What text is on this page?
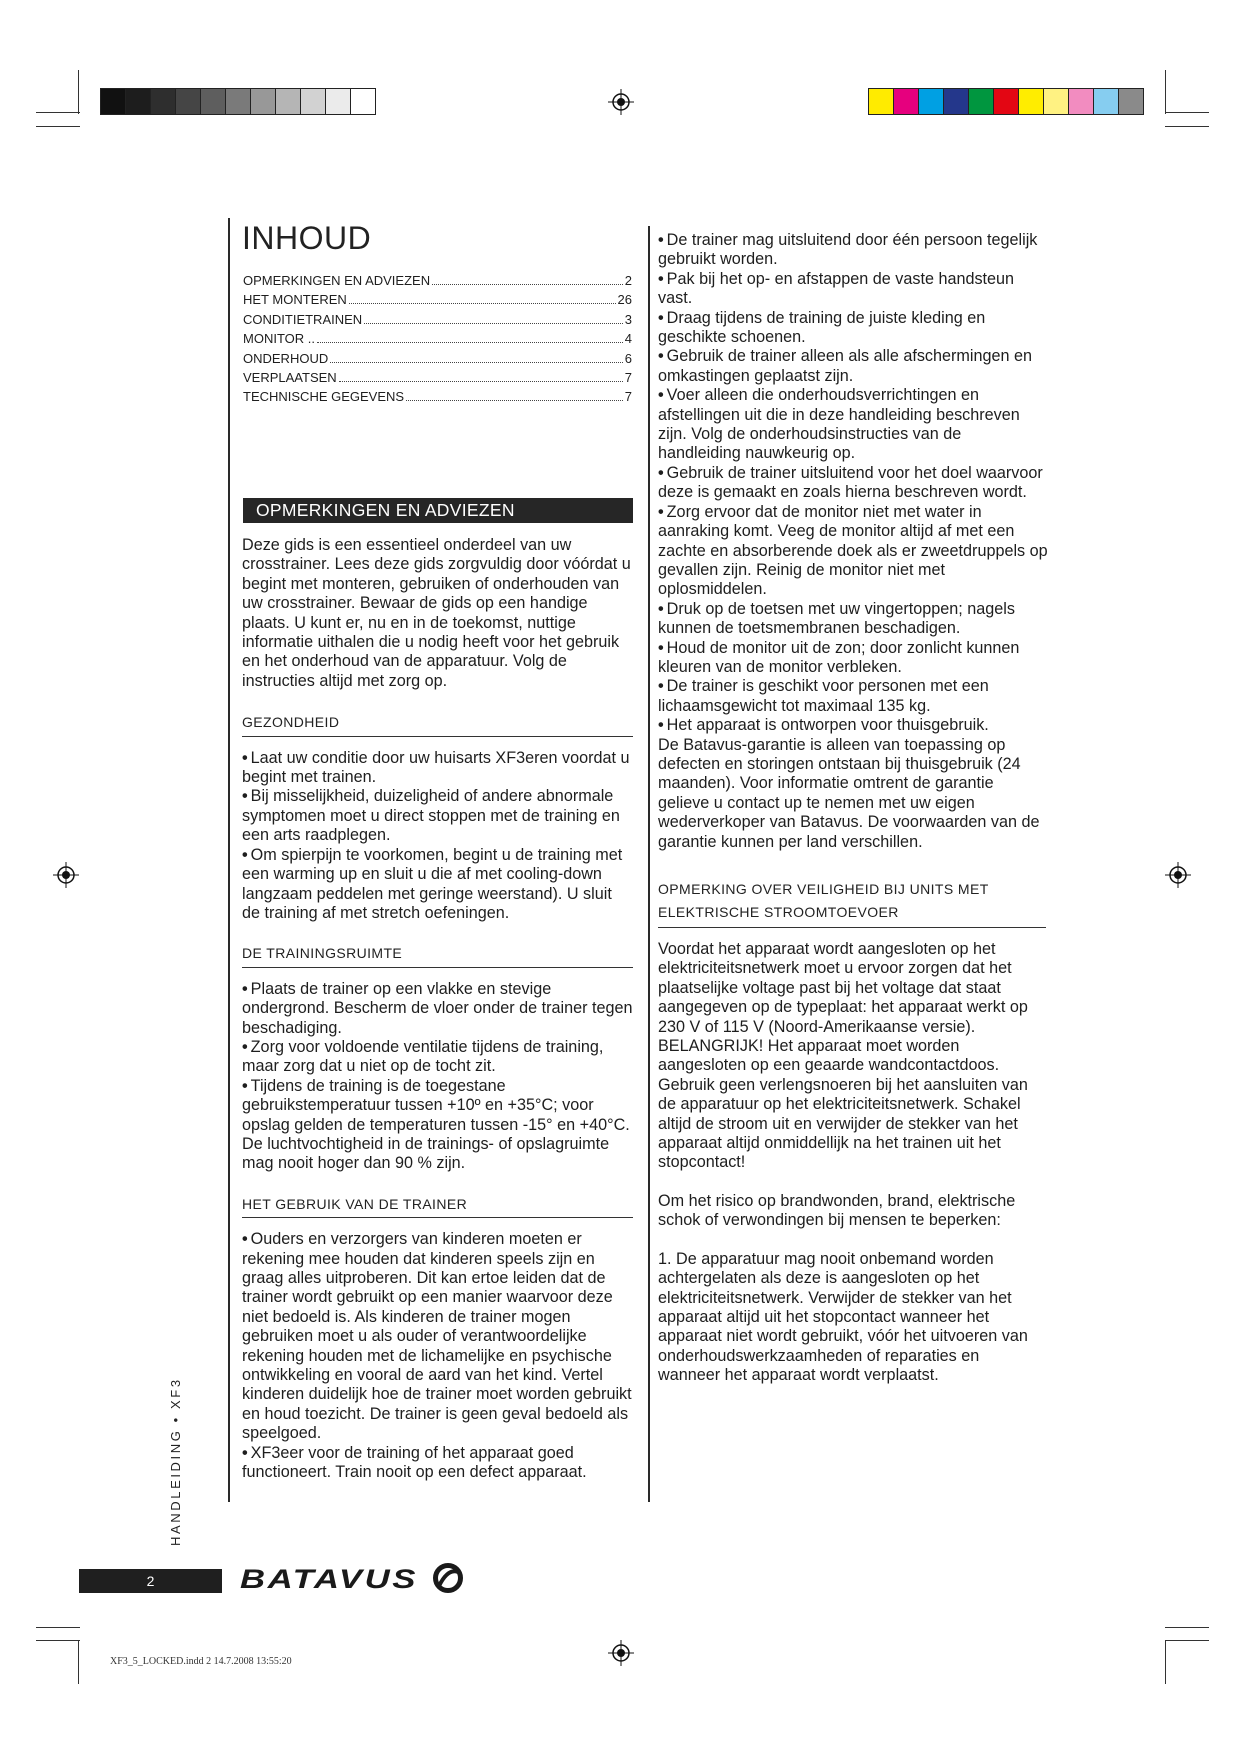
INHOUD
OPMERKINGEN EN ADVIEZEN	2
HET MONTEREN	26
CONDITIETRAINEN	3
MONITOR ..	4
ONDERHOUD	6
VERPLAATSEN	7
TECHNISCHE GEGEVENS	7
OPMERKINGEN EN ADVIEZEN

Deze gids is een essentieel onderdeel van uw crosstrainer. Lees deze gids zorgvuldig door vóórdat u begint met monteren, gebruiken of onderhouden van uw crosstrainer. Bewaar de gids op een handige plaats. U kunt er, nu en in de toekomst, nuttige informatie uithalen die u nodig heeft voor het gebruik en het onderhoud van de apparatuur. Volg de instructies altijd met zorg op.

GEZONDHEID

• Laat uw conditie door uw huisarts XF3eren voordat u begint met trainen.

• Bij misselijkheid, duizeligheid of andere abnormale symptomen moet u direct stoppen met de training en een arts raadplegen.

• Om spierpijn te voorkomen, begint u de training met een warming up en sluit u die af met cooling-down langzaam peddelen met geringe weerstand). U sluit de training af met stretch oefeningen.

DE TRAININGSRUIMTE

• Plaats de trainer op een vlakke en stevige ondergrond. Bescherm de vloer onder de trainer tegen beschadiging.

• Zorg voor voldoende ventilatie tijdens de training, maar zorg dat u niet op de tocht zit.

• Tijdens de training is de toegestane gebruikstemperatuur tussen +10º en +35°C; voor opslag gelden de temperaturen tussen -15° en +40°C. De luchtvochtigheid in de trainings- of opslagruimte mag nooit hoger dan 90 % zijn.

HET GEBRUIK VAN DE TRAINER

• Ouders en verzorgers van kinderen moeten er rekening mee houden dat kinderen speels zijn en graag alles uitproberen. Dit kan ertoe leiden dat de trainer wordt gebruikt op een manier waarvoor deze niet bedoeld is. Als kinderen de trainer mogen gebruiken moet u als ouder of verantwoordelijke rekening houden met de lichamelijke en psychische ontwikkeling en vooral de aard van het kind. Vertel kinderen duidelijk hoe de trainer moet worden gebruikt en houd toezicht. De trainer is geen geval bedoeld als speelgoed.

• XF3eer voor de training of het apparaat goed functioneert. Train nooit op een defect apparaat.

• De trainer mag uitsluitend door één persoon tegelijk gebruikt worden.

• Pak bij het op- en afstappen de vaste handsteun vast.

• Draag tijdens de training de juiste kleding en geschikte schoenen.

• Gebruik de trainer alleen als alle afschermingen en omkastingen geplaatst zijn.

• Voer alleen die onderhoudsverrichtingen en afstellingen uit die in deze handleiding beschreven zijn. Volg de onderhoudsinstructies van de handleiding nauwkeurig op.

• Gebruik de trainer uitsluitend voor het doel waarvoor deze is gemaakt en zoals hierna beschreven wordt.

• Zorg ervoor dat de monitor niet met water in aanraking komt. Veeg de monitor altijd af met een zachte en absorberende doek als er zweetdruppels op gevallen zijn. Reinig de monitor niet met oplosmiddelen.

• Druk op de toetsen met uw vingertoppen; nagels kunnen de toetsmembranen beschadigen.

• Houd de monitor uit de zon; door zonlicht kunnen kleuren van de monitor verbleken.

• De trainer is geschikt voor personen met een lichaamsgewicht tot maximaal 135 kg.

• Het apparaat is ontworpen voor thuisgebruik.

De Batavus-garantie is alleen van toepassing op defecten en storingen ontstaan bij thuisgebruik (24 maanden). Voor informatie omtrent de garantie gelieve u contact up te nemen met uw eigen wederverkoper van Batavus. De voorwaarden van de garantie kunnen per land verschillen.

OPMERKING OVER VEILIGHEID BIJ UNITS MET ELEKTRISCHE STROOMTOEVOER

Voordat het apparaat wordt aangesloten op het elektriciteitsnetwerk moet u ervoor zorgen dat het plaatselijke voltage past bij het voltage dat staat aangegeven op de typeplaat: het apparaat werkt op 230 V of 115 V (Noord-Amerikaanse versie). BELANGRIJK! Het apparaat moet worden aangesloten op een geaarde wandcontactdoos. Gebruik geen verlengsnoeren bij het aansluiten van de apparatuur op het elektriciteitsnetwerk. Schakel altijd de stroom uit en verwijder de stekker van het apparaat altijd onmiddellijk na het trainen uit het stopcontact!

Om het risico op brandwonden, brand, elektrische schok of verwondingen bij mensen te beperken:

1. De apparatuur mag nooit onbemand worden achtergelaten als deze is aangesloten op het elektriciteitsnetwerk. Verwijder de stekker van het apparaat altijd uit het stopcontact wanneer het apparaat niet wordt gebruikt, vóór het uitvoeren van onderhoudswerkzaamheden of reparaties en wanneer het apparaat wordt verplaatst.

HANDLEIDING • XF3
2	BATAVUS
XF3_5_LOCKED.indd 2 14.7.2008 13:55:20
